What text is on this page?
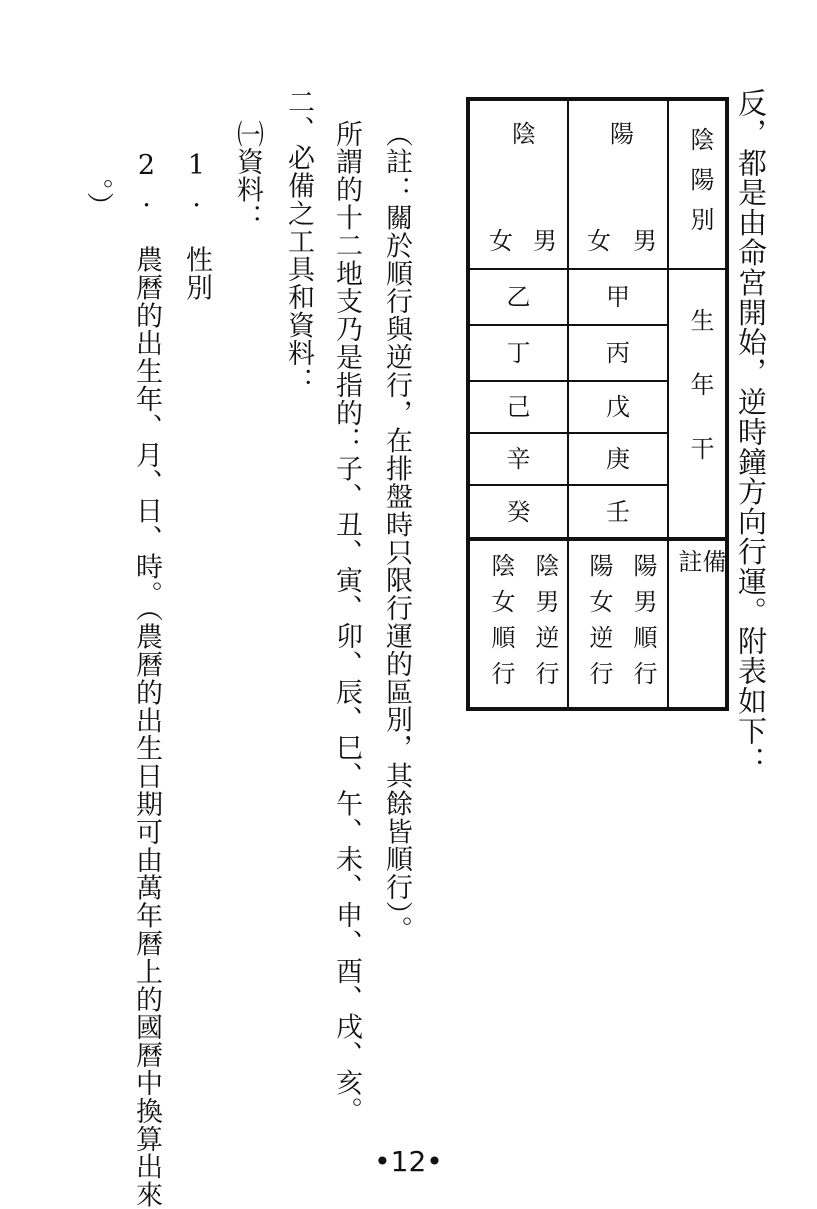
反，都是由命宮開始，逆時鐘方向行運。附表如下：
陰陽別
生年干
備註
陽
男
女
陰
男
女
甲
丙
戊
庚
壬
乙
丁
己
辛
癸
陽男順行
陽女逆行
陰男逆行
陰女順行
（註：關於順行與逆行，在排盤時只限行運的區別，其餘皆順行）。
所謂的十二地支乃是指的：子、丑、寅、卯、辰、巳、午、未、申、酉、戌、亥。
二、必備之工具和資料：
㈠資料：
1. 性別
2. 農曆的出生年、月、日、時。（農曆的出生日期可由萬年曆上的國曆中換算出來
。）
•12•
